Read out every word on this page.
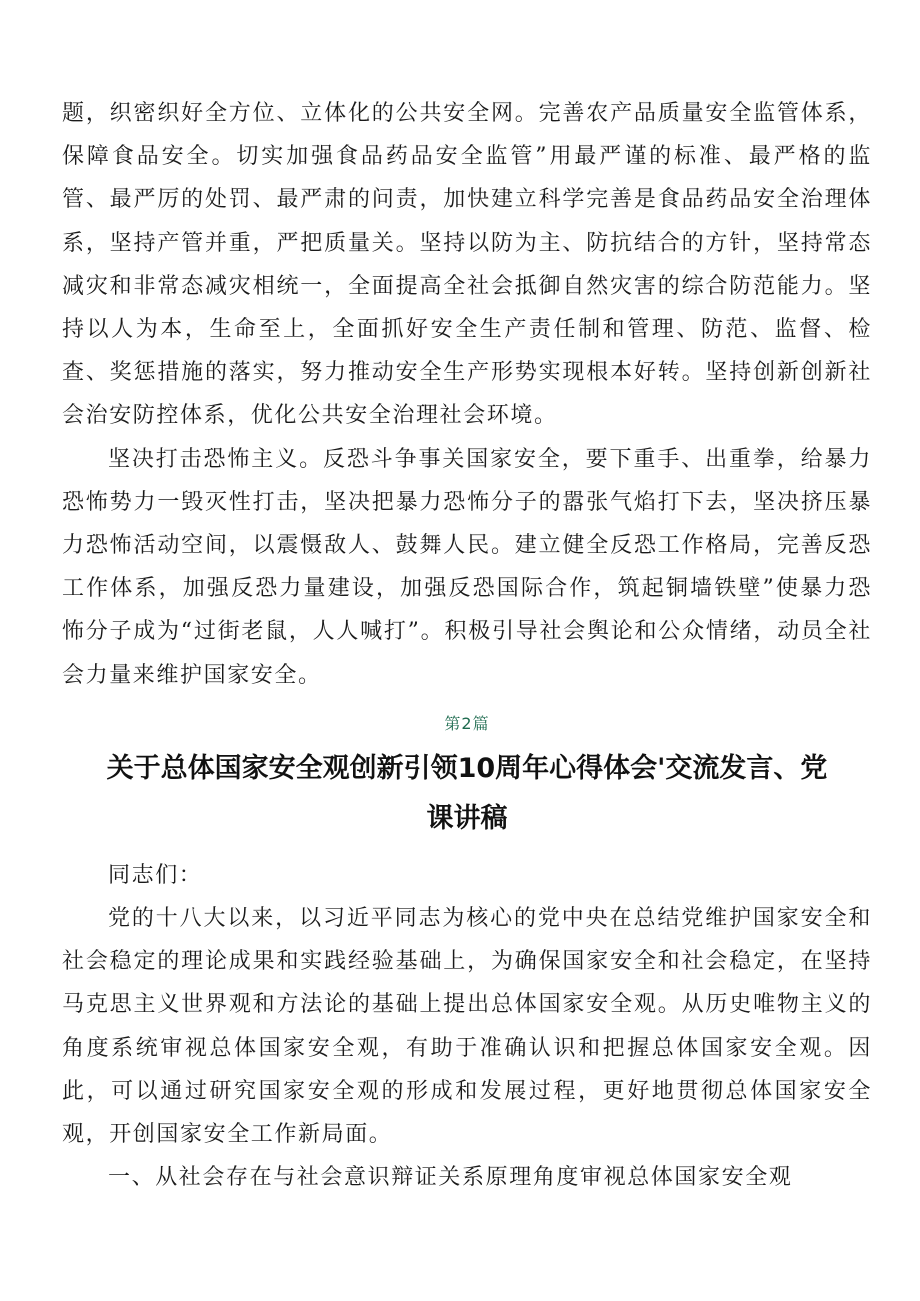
题，织密织好全方位、立体化的公共安全网。完善农产品质量安全监管体系，保障食品安全。切实加强食品药品安全监管”用最严谨的标准、最严格的监管、最严厉的处罚、最严肃的问责，加快建立科学完善是食品药品安全治理体系，坚持产管并重，严把质量关。坚持以防为主、防抗结合的方针，坚持常态减灾和非常态减灾相统一，全面提高全社会抵御自然灾害的综合防范能力。坚持以人为本，生命至上，全面抓好安全生产责任制和管理、防范、监督、检查、奖惩措施的落实，努力推动安全生产形势实现根本好转。坚持创新创新社会治安防控体系，优化公共安全治理社会环境。

坚决打击恐怖主义。反恐斗争事关国家安全，要下重手、出重拳，给暴力恐怖势力一毁灭性打击，坚决把暴力恐怖分子的嚣张气焰打下去，坚决挤压暴力恐怖活动空间，以震慑敌人、鼓舞人民。建立健全反恐工作格局，完善反恐工作体系，加强反恐力量建设，加强反恐国际合作，筑起铜墙铁壁”使暴力恐怖分子成为“过街老鼠，人人喊打”。积极引导社会舆论和公众情绪，动员全社会力量来维护国家安全。

第2篇
关于总体国家安全观创新引领10周年心得体会'交流发言、党课讲稿

同志们：

党的十八大以来，以习近平同志为核心的党中央在总结党维护国家安全和社会稳定的理论成果和实践经验基础上，为确保国家安全和社会稳定，在坚持马克思主义世界观和方法论的基础上提出总体国家安全观。从历史唯物主义的角度系统审视总体国家安全观，有助于准确认识和把握总体国家安全观。因此，可以通过研究国家安全观的形成和发展过程，更好地贯彻总体国家安全观，开创国家安全工作新局面。

一、从社会存在与社会意识辩证关系原理角度审视总体国家安全观
